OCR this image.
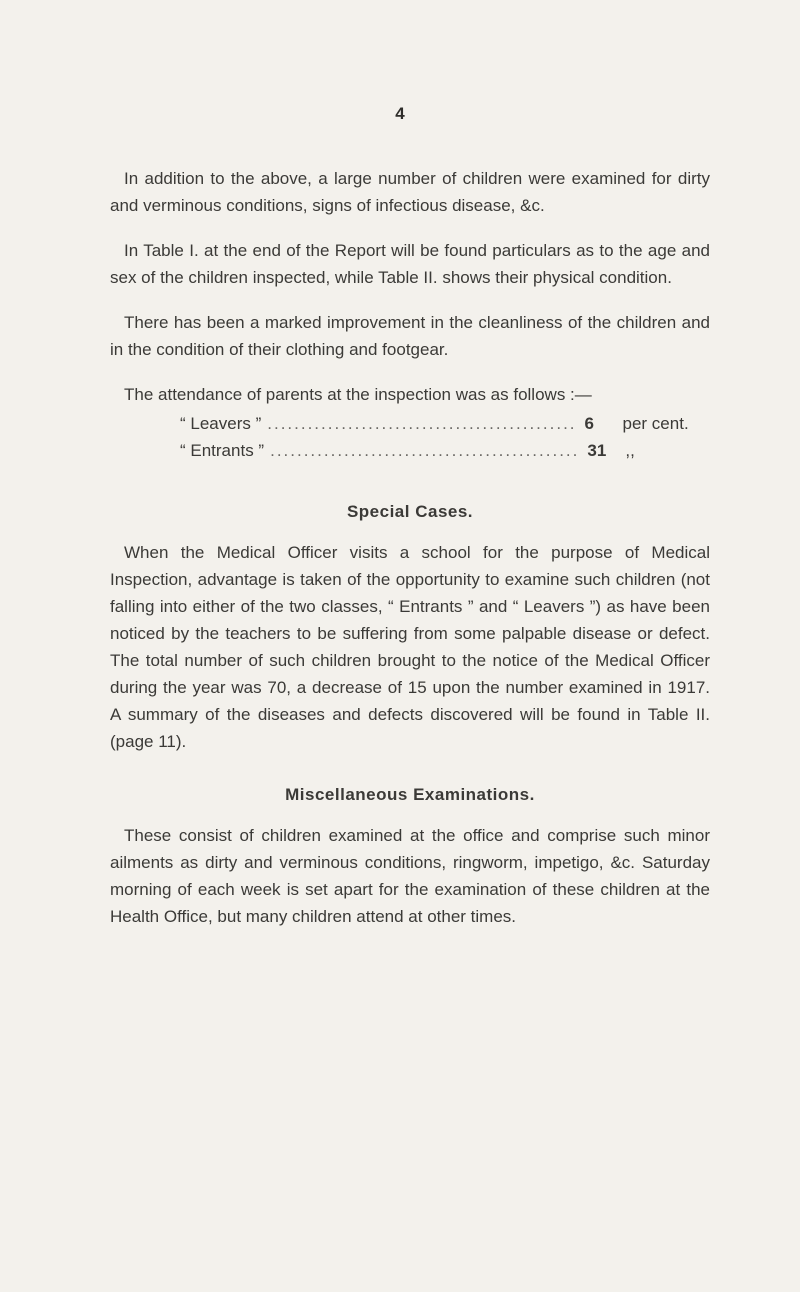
4

In addition to the above, a large number of children were examined for dirty and verminous conditions, signs of infectious disease, &c.

In Table I. at the end of the Report will be found particulars as to the age and sex of the children inspected, while Table II. shows their physical condition.

There has been a marked improvement in the cleanliness of the children and in the condition of their clothing and footgear.

The attendance of parents at the inspection was as follows :—

“ Leavers ” .............................................. 6	per cent.
“ Entrants ” .............................................. 31	,,
Special Cases.

When the Medical Officer visits a school for the purpose of Medical Inspection, advantage is taken of the opportunity to examine such children (not falling into either of the two classes, “ Entrants ” and “ Leavers ”) as have been noticed by the teachers to be suffering from some palpable disease or defect. The total number of such children brought to the notice of the Medical Officer during the year was 70, a decrease of 15 upon the number examined in 1917. A summary of the diseases and defects discovered will be found in Table II. (page 11).

Miscellaneous Examinations.

These consist of children examined at the office and comprise such minor ailments as dirty and verminous conditions, ringworm, impetigo, &c. Saturday morning of each week is set apart for the examination of these children at the Health Office, but many children attend at other times.
